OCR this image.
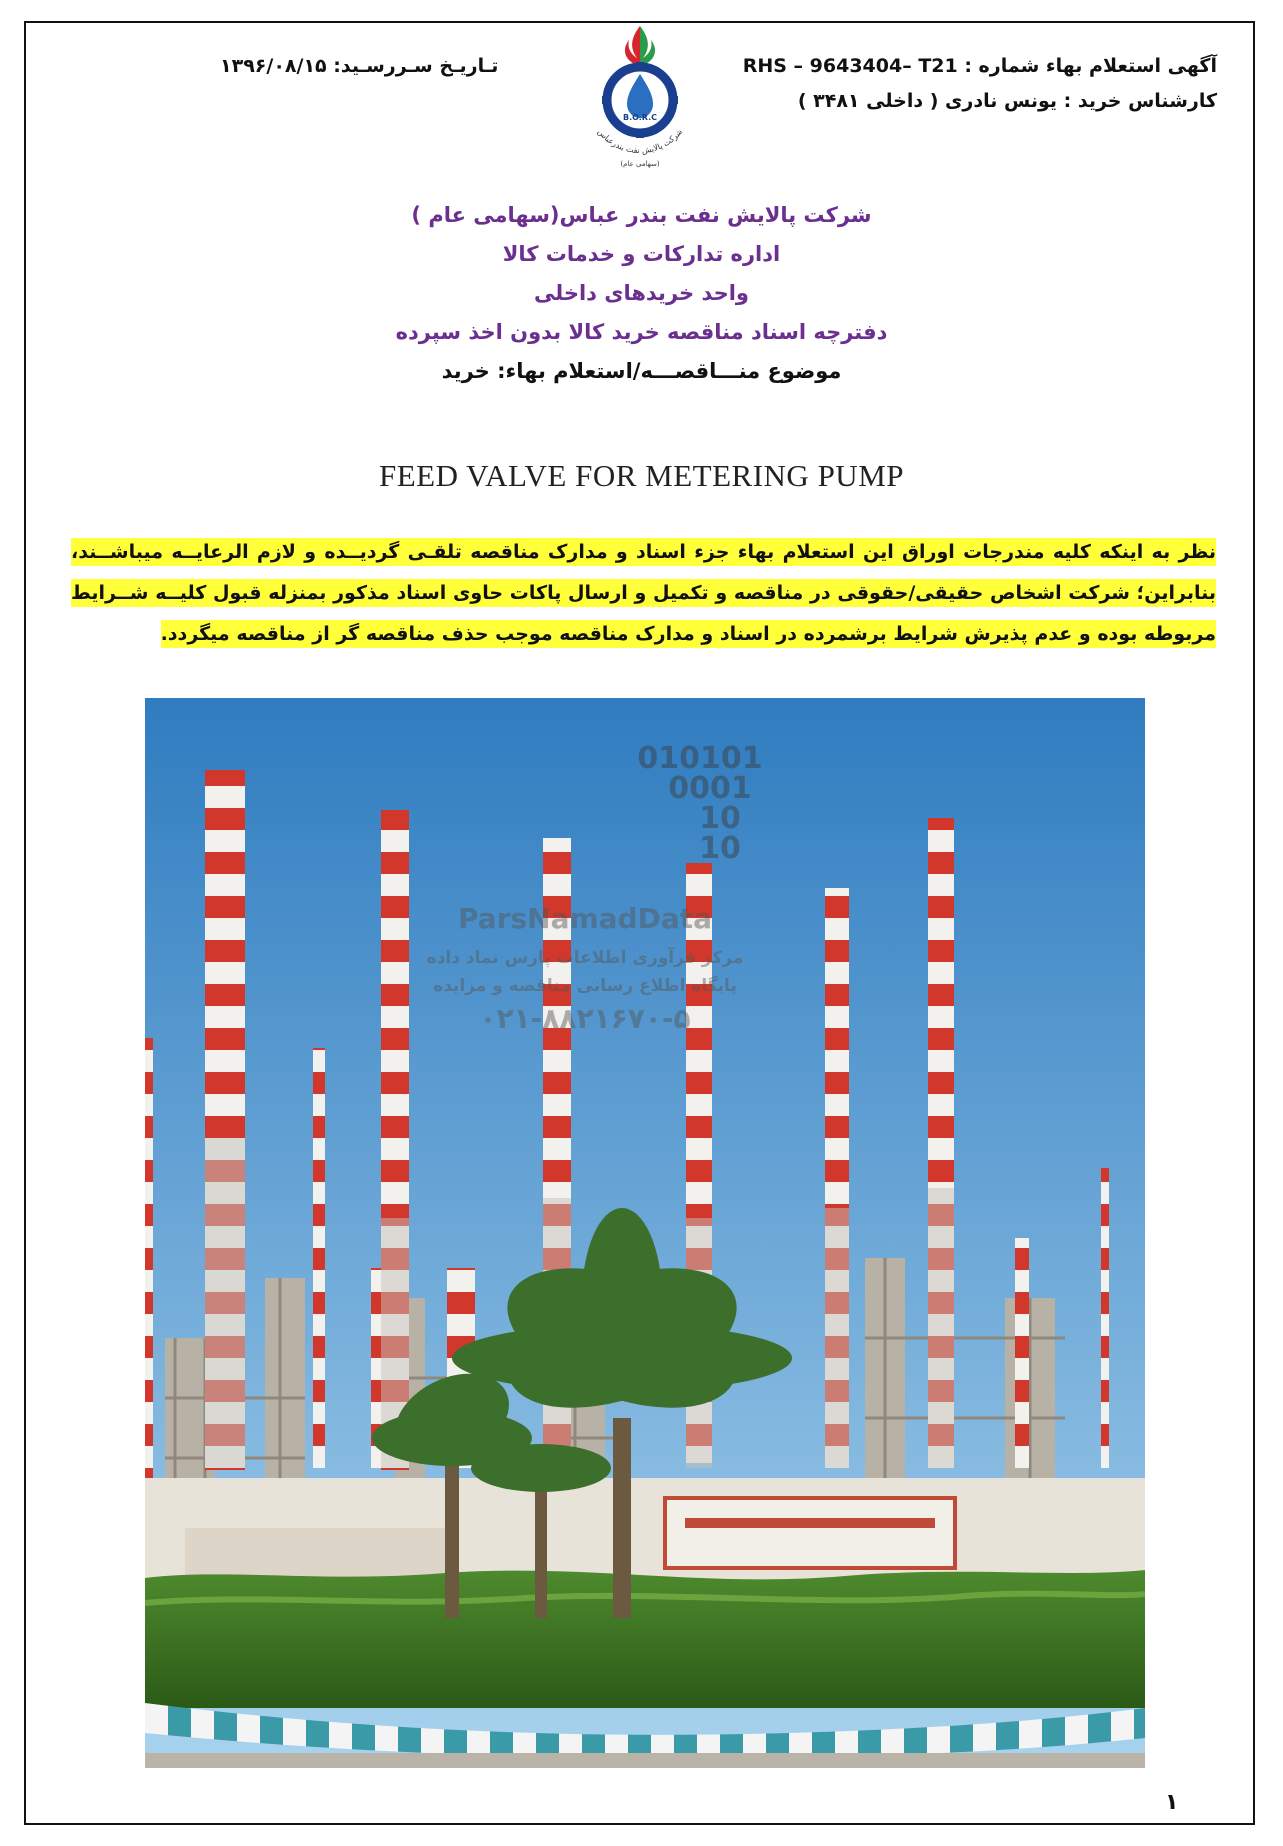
آگهی استعلام بهاء شماره : RHS – 9643404– T21
کارشناس خرید : یونس نادری ( داخلی ۳۴۸۱ )
تـاریـخ سـررسـید: ۱۳۹۶/۰۸/۱۵
B.O.R.C
شرکت پالایش نفت بندرعباس
(سهامی عام)
شرکت پالایش نفت بندر عباس(سهامی عام )
اداره تدارکات و خدمات کالا
واحد خریدهای داخلی
دفترچه اسناد مناقصه خرید کالا بدون اخذ سپرده
موضوع منـــاقصـــه/استعلام بهاء: خرید
FEED VALVE FOR METERING PUMP
نظر به اینکه کلیه مندرجات اوراق این استعلام بهاء جزء اسناد و مدارک مناقصه تلقـی گردیــده و لازم الرعایــه میباشــند، بنابراین؛ شرکت اشخاص حقیقی/حقوقی در مناقصه و تکمیل و ارسال پاکات حاوی اسناد مذکور بمنزله قبول کلیــه شــرایط مربوطه بوده و عدم پذیرش شرایط برشمرده در اسناد و مدارک مناقصه موجب حذف مناقصه گر از مناقصه میگردد.
010101
0001
10
10
ParsNamadData
مرکز فرآوری اطلاعات پارس نماد داده
پایگاه اطلاع رسانی مناقصه و مزایده
۰۲۱-۸۸۲۱۶۷۰-۵
۱
